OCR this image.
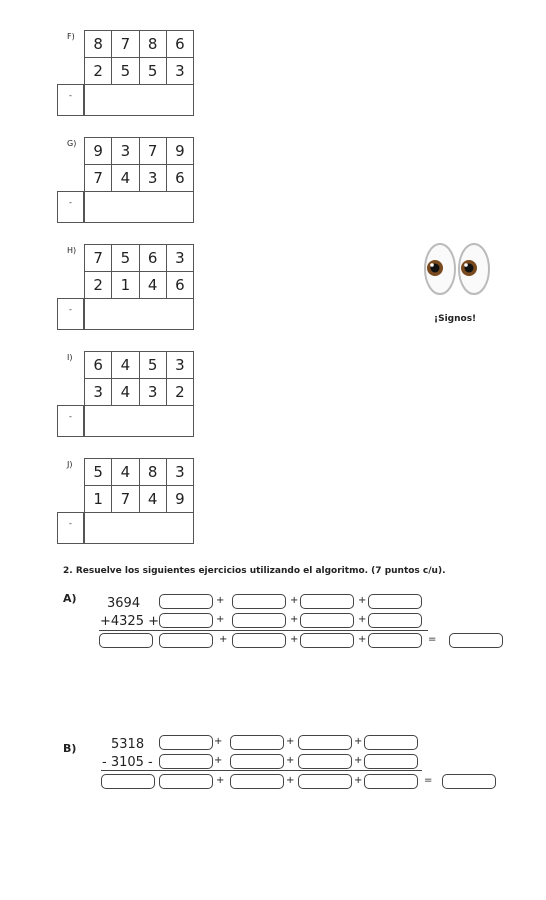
F) 8	7	8	6
2	5	5	3
-
G) 9	3	7	9
7	4	3	6
-
H) 7	5	6	3
2	1	4	6
-
I) 6	4	5	3
3	4	3	2
-
J) 5	4	8	3
1	7	4	9
-
¡Signos!
2. Resuelve los siguientes ejercicios utilizando el algoritmo. (7 puntos c/u).
A) 3694
+4325 +
+	+	+
+	+	+
+	+	+	=
B)	5318
- 3105 -
+	+	+
+	+	+
+	+	+	=
